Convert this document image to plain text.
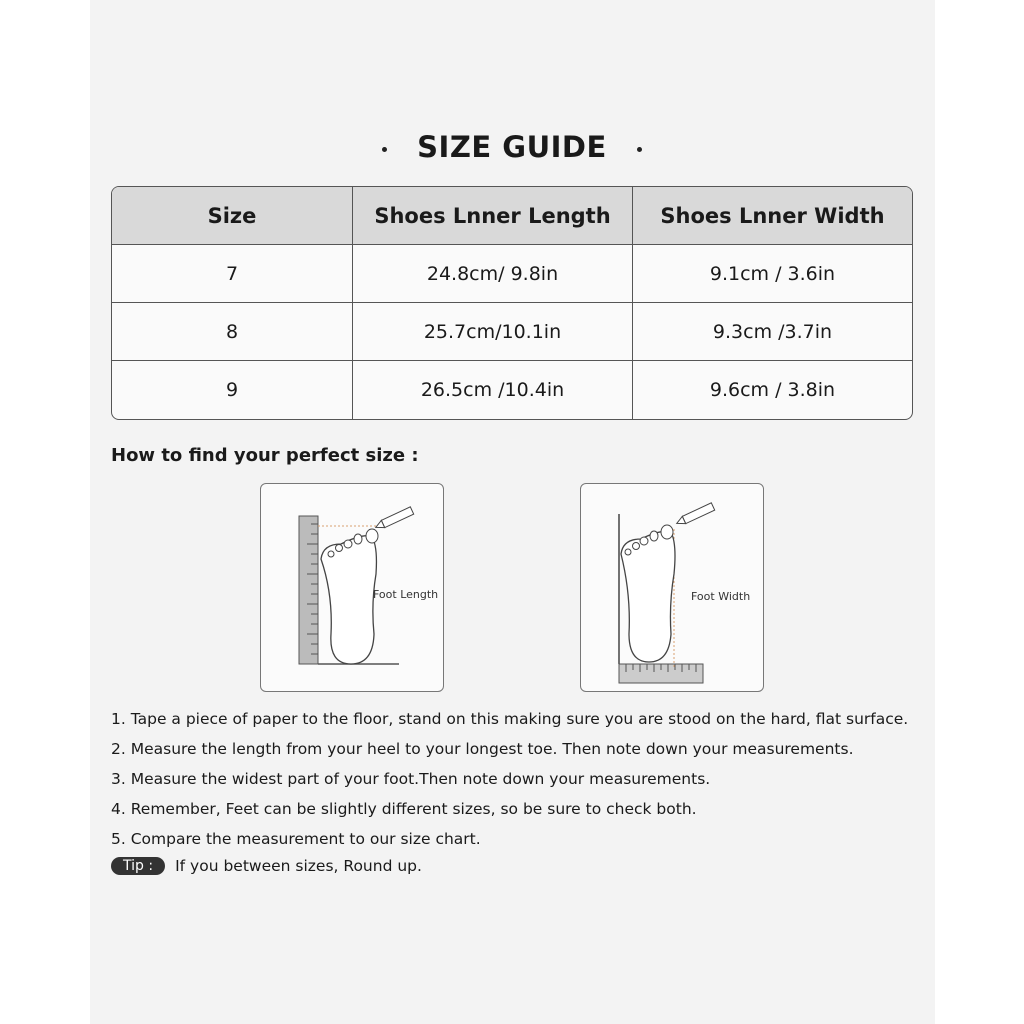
SIZE GUIDE
Size	Shoes Lnner Length	Shoes Lnner Width
7	24.8cm/ 9.8in	9.1cm / 3.6in
8	25.7cm/10.1in	9.3cm /3.7in
9	26.5cm /10.4in	9.6cm / 3.8in
How to find your perfect size :
Foot Length	Foot Width
1. Tape a piece of paper to the floor, stand on this making sure you are stood on the hard, flat surface.
2. Measure the length from your heel to your longest toe. Then note down your measurements.
3. Measure the widest part of your foot.Then note down your measurements.
4. Remember, Feet can be slightly different sizes, so be sure to check both.
5. Compare the measurement to our size chart.
Tip :	If you between sizes, Round up.
